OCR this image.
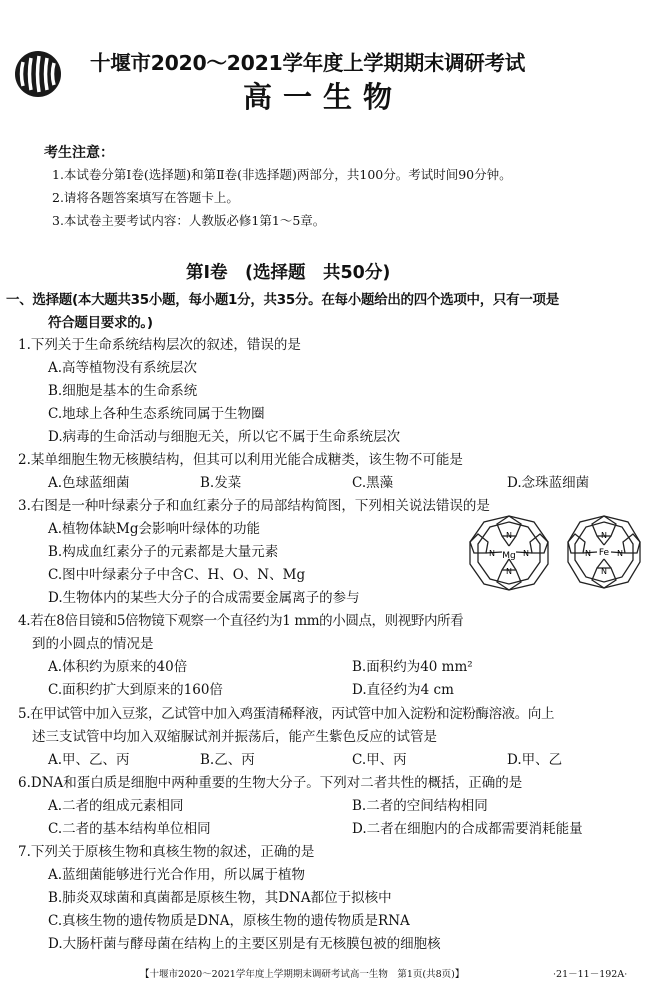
十堰市2020～2021学年度上学期期末调研考试
高一生物
考生注意：
1.本试卷分第Ⅰ卷(选择题)和第Ⅱ卷(非选择题)两部分，共100分。考试时间90分钟。
2.请将各题答案填写在答题卡上。
3.本试卷主要考试内容：人教版必修1第1～5章。
第Ⅰ卷　(选择题　共50分)
一、选择题(本大题共35小题，每小题1分，共35分。在每小题给出的四个选项中，只有一项是
符合题目要求的。)
1.下列关于生命系统结构层次的叙述，错误的是
A.高等植物没有系统层次
B.细胞是基本的生命系统
C.地球上各种生态系统同属于生物圈
D.病毒的生命活动与细胞无关，所以它不属于生命系统层次
2.某单细胞生物无核膜结构，但其可以利用光能合成糖类，该生物不可能是
A.色球蓝细菌	B.发菜	C.黑藻	D.念珠蓝细菌
3.右图是一种叶绿素分子和血红素分子的局部结构简图，下列相关说法错误的是
A.植物体缺Mg会影响叶绿体的功能
B.构成血红素分子的元素都是大量元素
C.图中叶绿素分子中含C、H、O、N、Mg
D.生物体内的某些大分子的合成需要金属离子的参与
N
N	N
N
Mg
N
N	N
N
Fe
4.若在8倍目镜和5倍物镜下观察一个直径约为1 mm的小圆点，则视野内所看
到的小圆点的情况是
A.体积约为原来的40倍	B.面积约为40 mm²
C.面积约扩大到原来的160倍	D.直径约为4 cm
5.在甲试管中加入豆浆，乙试管中加入鸡蛋清稀释液，丙试管中加入淀粉和淀粉酶溶液。向上
述三支试管中均加入双缩脲试剂并振荡后，能产生紫色反应的试管是
A.甲、乙、丙	B.乙、丙	C.甲、丙	D.甲、乙
6.DNA和蛋白质是细胞中两种重要的生物大分子。下列对二者共性的概括，正确的是
A.二者的组成元素相同	B.二者的空间结构相同
C.二者的基本结构单位相同	D.二者在细胞内的合成都需要消耗能量
7.下列关于原核生物和真核生物的叙述，正确的是
A.蓝细菌能够进行光合作用，所以属于植物
B.肺炎双球菌和真菌都是原核生物，其DNA都位于拟核中
C.真核生物的遗传物质是DNA，原核生物的遗传物质是RNA
D.大肠杆菌与酵母菌在结构上的主要区别是有无核膜包被的细胞核
【十堰市2020～2021学年度上学期期末调研考试高一生物　第1页(共8页)】	·21－11－192A·
